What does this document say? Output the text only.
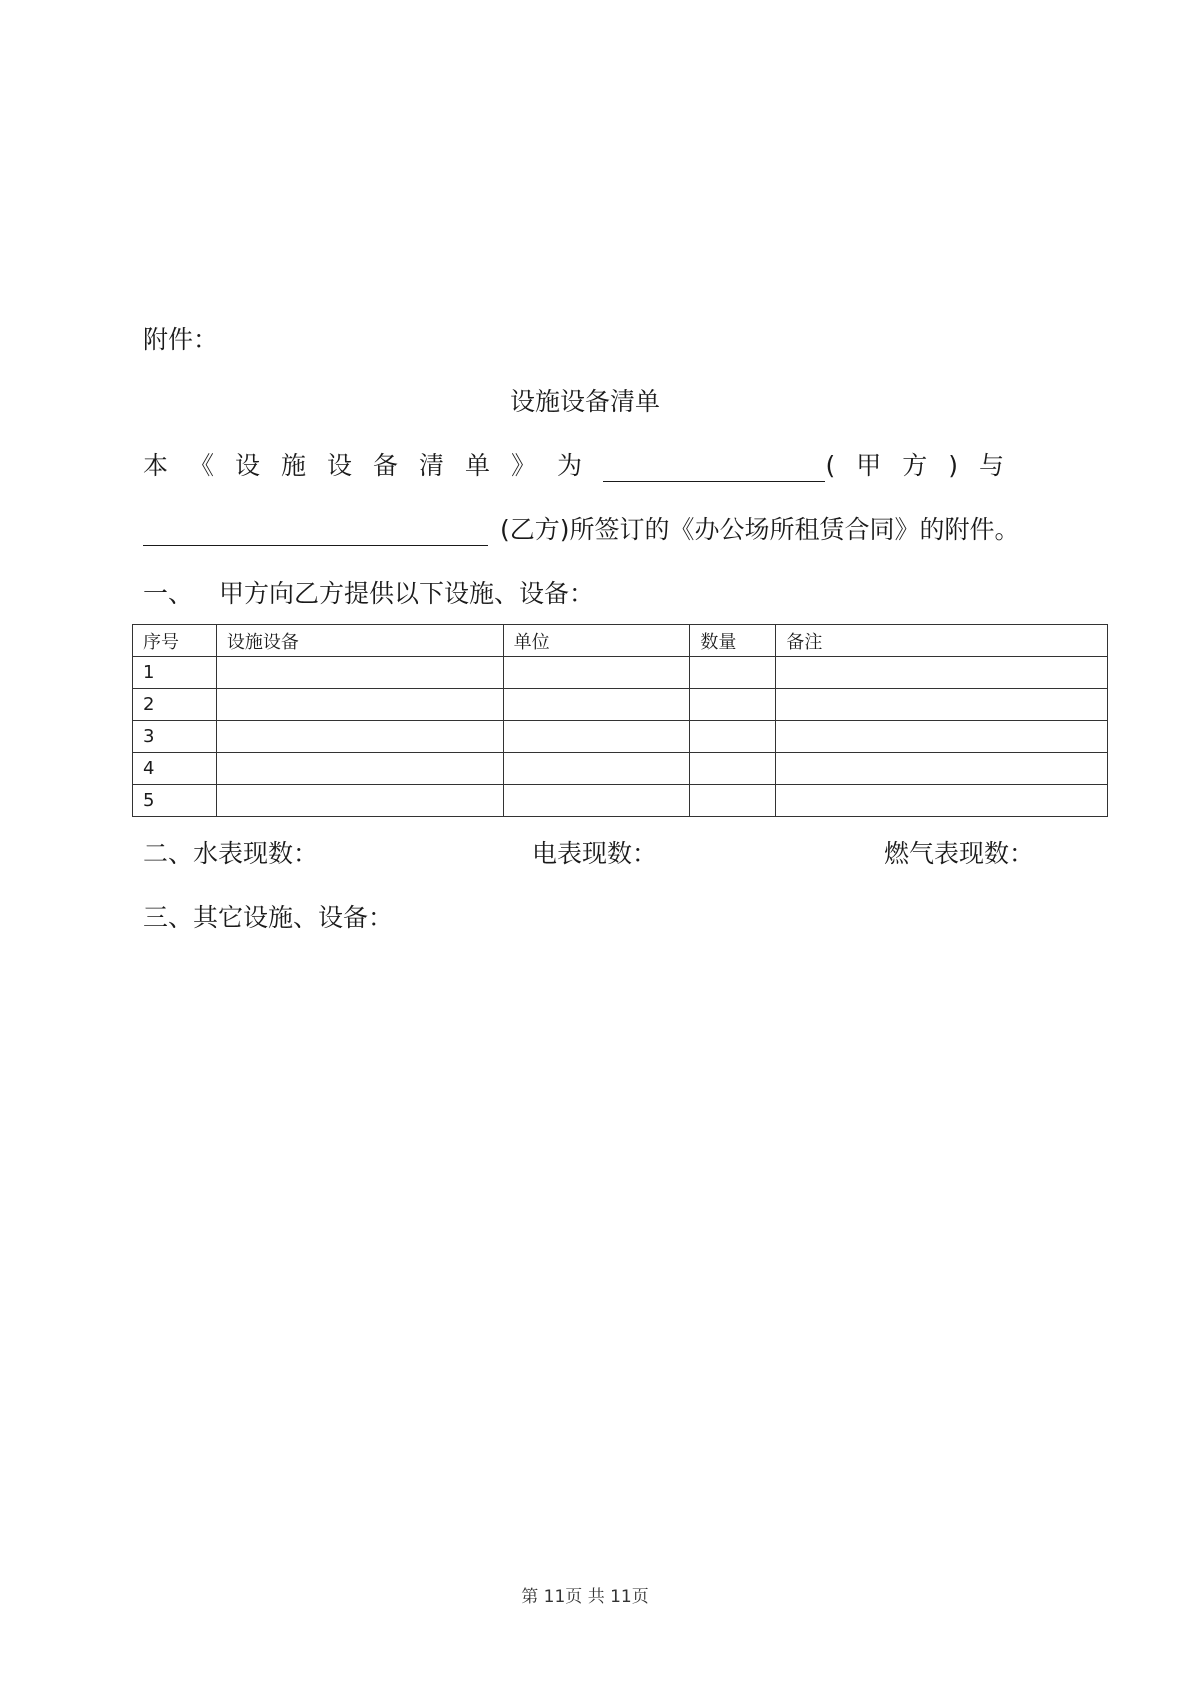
附件：
设施设备清单
本《设施设备清单》为	(甲方)与
(乙方)所签订的《办公场所租赁合同》的附件。
一、 甲方向乙方提供以下设施、设备：
序号	设施设备	单位	数量	备注
1				
2				
3				
4				
5				
二、水表现数：	电表现数：	燃气表现数：
三、其它设施、设备：
第 11页 共 11页
